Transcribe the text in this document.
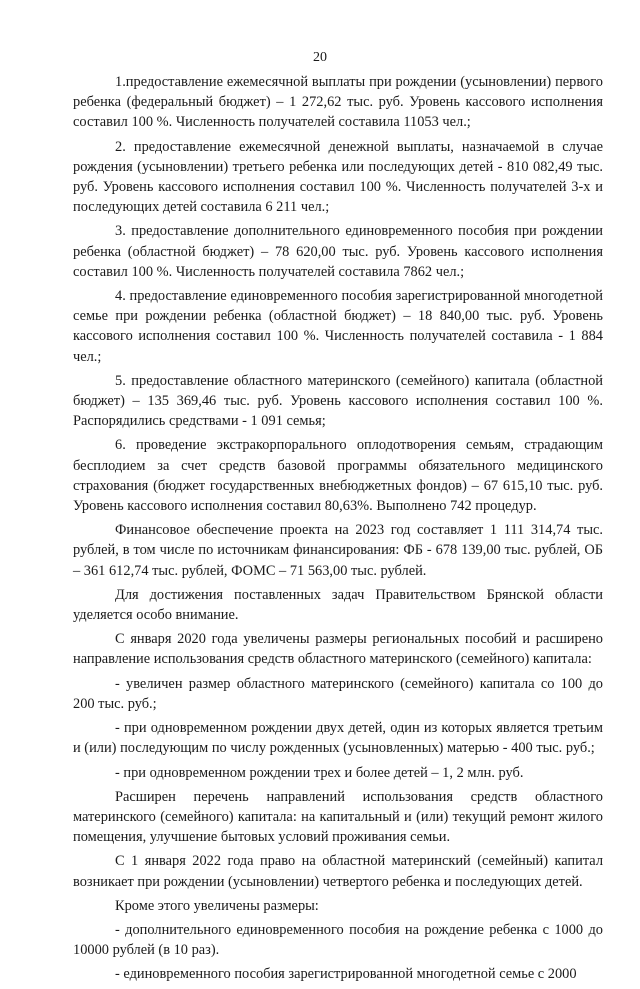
20

1.предоставление ежемесячной выплаты при рождении (усыновлении) первого ребенка (федеральный бюджет) – 1 272,62 тыс. руб. Уровень кассового исполнения составил 100 %. Численность получателей составила 11053 чел.;

2. предоставление ежемесячной денежной выплаты, назначаемой в случае рождения (усыновлении) третьего ребенка или последующих детей - 810 082,49 тыс. руб. Уровень кассового исполнения составил 100 %. Численность получателей 3-х и последующих детей составила 6 211 чел.;

3. предоставление дополнительного единовременного пособия при рождении ребенка (областной бюджет) – 78 620,00 тыс. руб. Уровень кассового исполнения составил 100 %. Численность получателей составила 7862 чел.;

4. предоставление единовременного пособия зарегистрированной многодетной семье при рождении ребенка (областной бюджет) – 18 840,00 тыс. руб. Уровень кассового исполнения составил 100 %. Численность получателей составила - 1 884 чел.;

5. предоставление областного материнского (семейного) капитала (областной бюджет) – 135 369,46 тыс. руб. Уровень кассового исполнения составил 100 %. Распорядились средствами - 1 091 семья;

6. проведение экстракорпорального оплодотворения семьям, страдающим бесплодием за счет средств базовой программы обязательного медицинского страхования (бюджет государственных внебюджетных фондов) – 67 615,10 тыс. руб. Уровень кассового исполнения составил 80,63%. Выполнено 742 процедур.

Финансовое обеспечение проекта на 2023 год составляет 1 111 314,74 тыс. рублей, в том числе по источникам финансирования: ФБ - 678 139,00 тыс. рублей, ОБ – 361 612,74 тыс. рублей, ФОМС – 71 563,00 тыс. рублей.

Для достижения поставленных задач Правительством Брянской области уделяется особо внимание.

С января 2020 года увеличены размеры региональных пособий и расширено направление использования средств областного материнского (семейного) капитала:

- увеличен размер областного материнского (семейного) капитала со 100 до 200 тыс. руб.;

- при одновременном рождении двух детей, один из которых является третьим и (или) последующим по числу рожденных (усыновленных) матерью - 400 тыс. руб.;

- при одновременном рождении трех и более детей – 1, 2 млн. руб.

Расширен перечень направлений использования средств областного материнского (семейного) капитала: на капитальный и (или) текущий ремонт жилого помещения, улучшение бытовых условий проживания семьи.

С 1 января 2022 года право на областной материнский (семейный) капитал возникает при рождении (усыновлении) четвертого ребенка и последующих детей.

Кроме этого увеличены размеры:

- дополнительного единовременного пособия на рождение ребенка с 1000 до 10000 рублей (в 10 раз).

- единовременного пособия зарегистрированной многодетной семье с 2000
